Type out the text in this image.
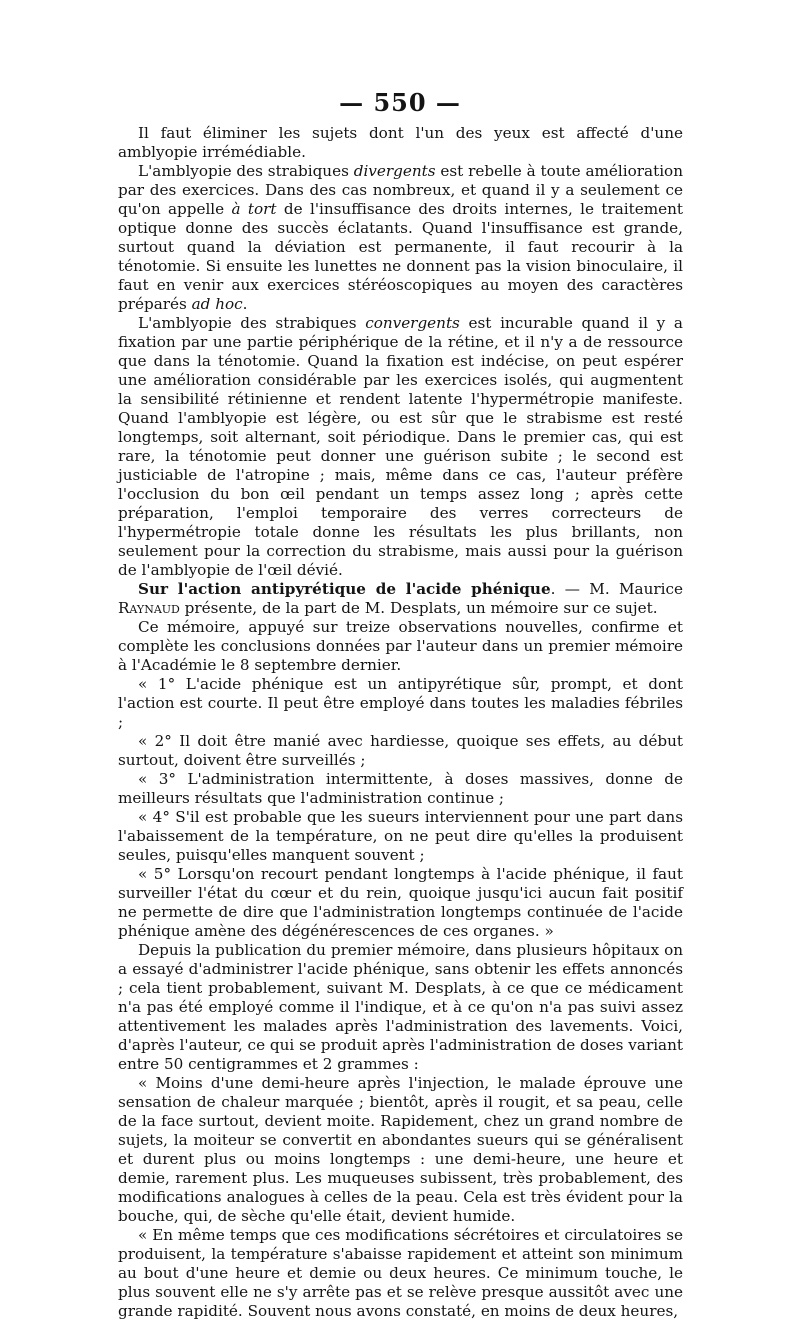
— 550 —

Il faut éliminer les sujets dont l'un des yeux est affecté d'une amblyopie irrémédiable.

L'amblyopie des strabiques divergents est rebelle à toute amélioration par des exercices. Dans des cas nombreux, et quand il y a seulement ce qu'on appelle à tort de l'insuffisance des droits internes, le traitement optique donne des succès éclatants. Quand l'insuffisance est grande, surtout quand la déviation est permanente, il faut recourir à la ténotomie. Si ensuite les lunettes ne donnent pas la vision binoculaire, il faut en venir aux exercices stéréoscopiques au moyen des caractères préparés ad hoc.

L'amblyopie des strabiques convergents est incurable quand il y a fixation par une partie périphérique de la rétine, et il n'y a de ressource que dans la ténotomie. Quand la fixation est indécise, on peut espérer une amélioration considérable par les exercices isolés, qui augmentent la sensibilité rétinienne et rendent latente l'hypermétropie manifeste. Quand l'amblyopie est légère, ou est sûr que le strabisme est resté longtemps, soit alternant, soit périodique. Dans le premier cas, qui est rare, la ténotomie peut donner une guérison subite ; le second est justiciable de l'atropine ; mais, même dans ce cas, l'auteur préfère l'occlusion du bon œil pendant un temps assez long ; après cette préparation, l'emploi temporaire des verres correcteurs de l'hypermétropie totale donne les résultats les plus brillants, non seulement pour la correction du strabisme, mais aussi pour la guérison de l'amblyopie de l'œil dévié.

Sur l'action antipyrétique de l'acide phénique. — M. Maurice Raynaud présente, de la part de M. Desplats, un mémoire sur ce sujet.

Ce mémoire, appuyé sur treize observations nouvelles, confirme et complète les conclusions données par l'auteur dans un premier mémoire à l'Académie le 8 septembre dernier.

« 1° L'acide phénique est un antipyrétique sûr, prompt, et dont l'action est courte. Il peut être employé dans toutes les maladies fébriles ;

« 2° Il doit être manié avec hardiesse, quoique ses effets, au début surtout, doivent être surveillés ;

« 3° L'administration intermittente, à doses massives, donne de meilleurs résultats que l'administration continue ;

« 4° S'il est probable que les sueurs interviennent pour une part dans l'abaissement de la température, on ne peut dire qu'elles la produisent seules, puisqu'elles manquent souvent ;

« 5° Lorsqu'on recourt pendant longtemps à l'acide phénique, il faut surveiller l'état du cœur et du rein, quoique jusqu'ici aucun fait positif ne permette de dire que l'administration longtemps continuée de l'acide phénique amène des dégénérescences de ces organes. »

Depuis la publication du premier mémoire, dans plusieurs hôpitaux on a essayé d'administrer l'acide phénique, sans obtenir les effets annoncés ; cela tient probablement, suivant M. Desplats, à ce que ce médicament n'a pas été employé comme il l'indique, et à ce qu'on n'a pas suivi assez attentivement les malades après l'administration des lavements. Voici, d'après l'auteur, ce qui se produit après l'administration de doses variant entre 50 centigrammes et 2 grammes :

« Moins d'une demi-heure après l'injection, le malade éprouve une sensation de chaleur marquée ; bientôt, après il rougit, et sa peau, celle de la face surtout, devient moite. Rapidement, chez un grand nombre de sujets, la moiteur se convertit en abondantes sueurs qui se généralisent et durent plus ou moins longtemps : une demi-heure, une heure et demie, rarement plus. Les muqueuses subissent, très probablement, des modifications analogues à celles de la peau. Cela est très évident pour la bouche, qui, de sèche qu'elle était, devient humide.

« En même temps que ces modifications sécrétoires et circulatoires se produisent, la température s'abaisse rapidement et atteint son minimum au bout d'une heure et demie ou deux heures. Ce minimum touche, le plus souvent elle ne s'y arrête pas et se relève presque aussitôt avec une grande rapidité. Souvent nous avons constaté, en moins de deux heures,
